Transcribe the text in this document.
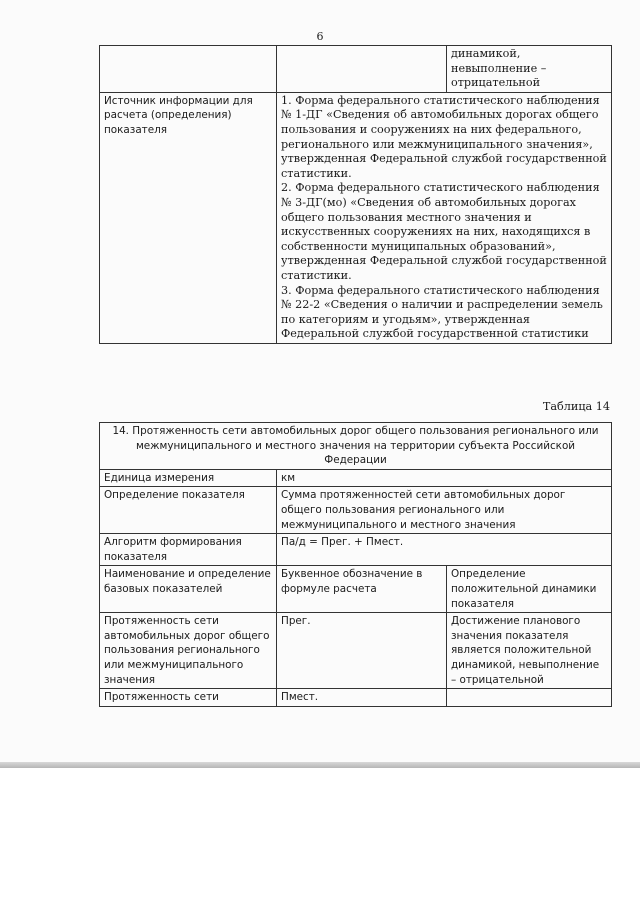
6

		динамикой,
невыполнение –
отрицательной

Источник информации для расчета (определения) показателя	1. Форма федерального статистического наблюдения № 1-ДГ «Сведения об автомобильных дорогах общего пользования и сооружениях на них федерального, регионального или межмуниципального значения», утвержденная Федеральной службой государственной статистики.
2. Форма федерального статистического наблюдения № 3-ДГ(мо) «Сведения об автомобильных дорогах общего пользования местного значения и искусственных сооружениях на них, находящихся в собственности муниципальных образований», утвержденная Федеральной службой государственной статистики.
3. Форма федерального статистического наблюдения № 22-2 «Сведения о наличии и распределении земель по категориям и угодьям», утвержденная Федеральной службой государственной статистики	
Таблица 14
14. Протяженность сети автомобильных дорог общего пользования регионального или межмуниципального и местного значения на территории субъекта Российской Федерации		
Единица измерения	км	
Определение показателя	Сумма протяженностей сети автомобильных дорог общего пользования регионального или межмуниципального и местного значения	
Алгоритм формирования показателя	Па/д = Прег. + Пмест.	
Наименование и определение базовых показателей	Буквенное обозначение в формуле расчета	Определение положительной динамики показателя
Протяженность сети автомобильных дорог общего пользования регионального или межмуниципального значения	Прег.	Достижение планового значения показателя является положительной динамикой, невыполнение – отрицательной
Протяженность сети	Пмест.	
